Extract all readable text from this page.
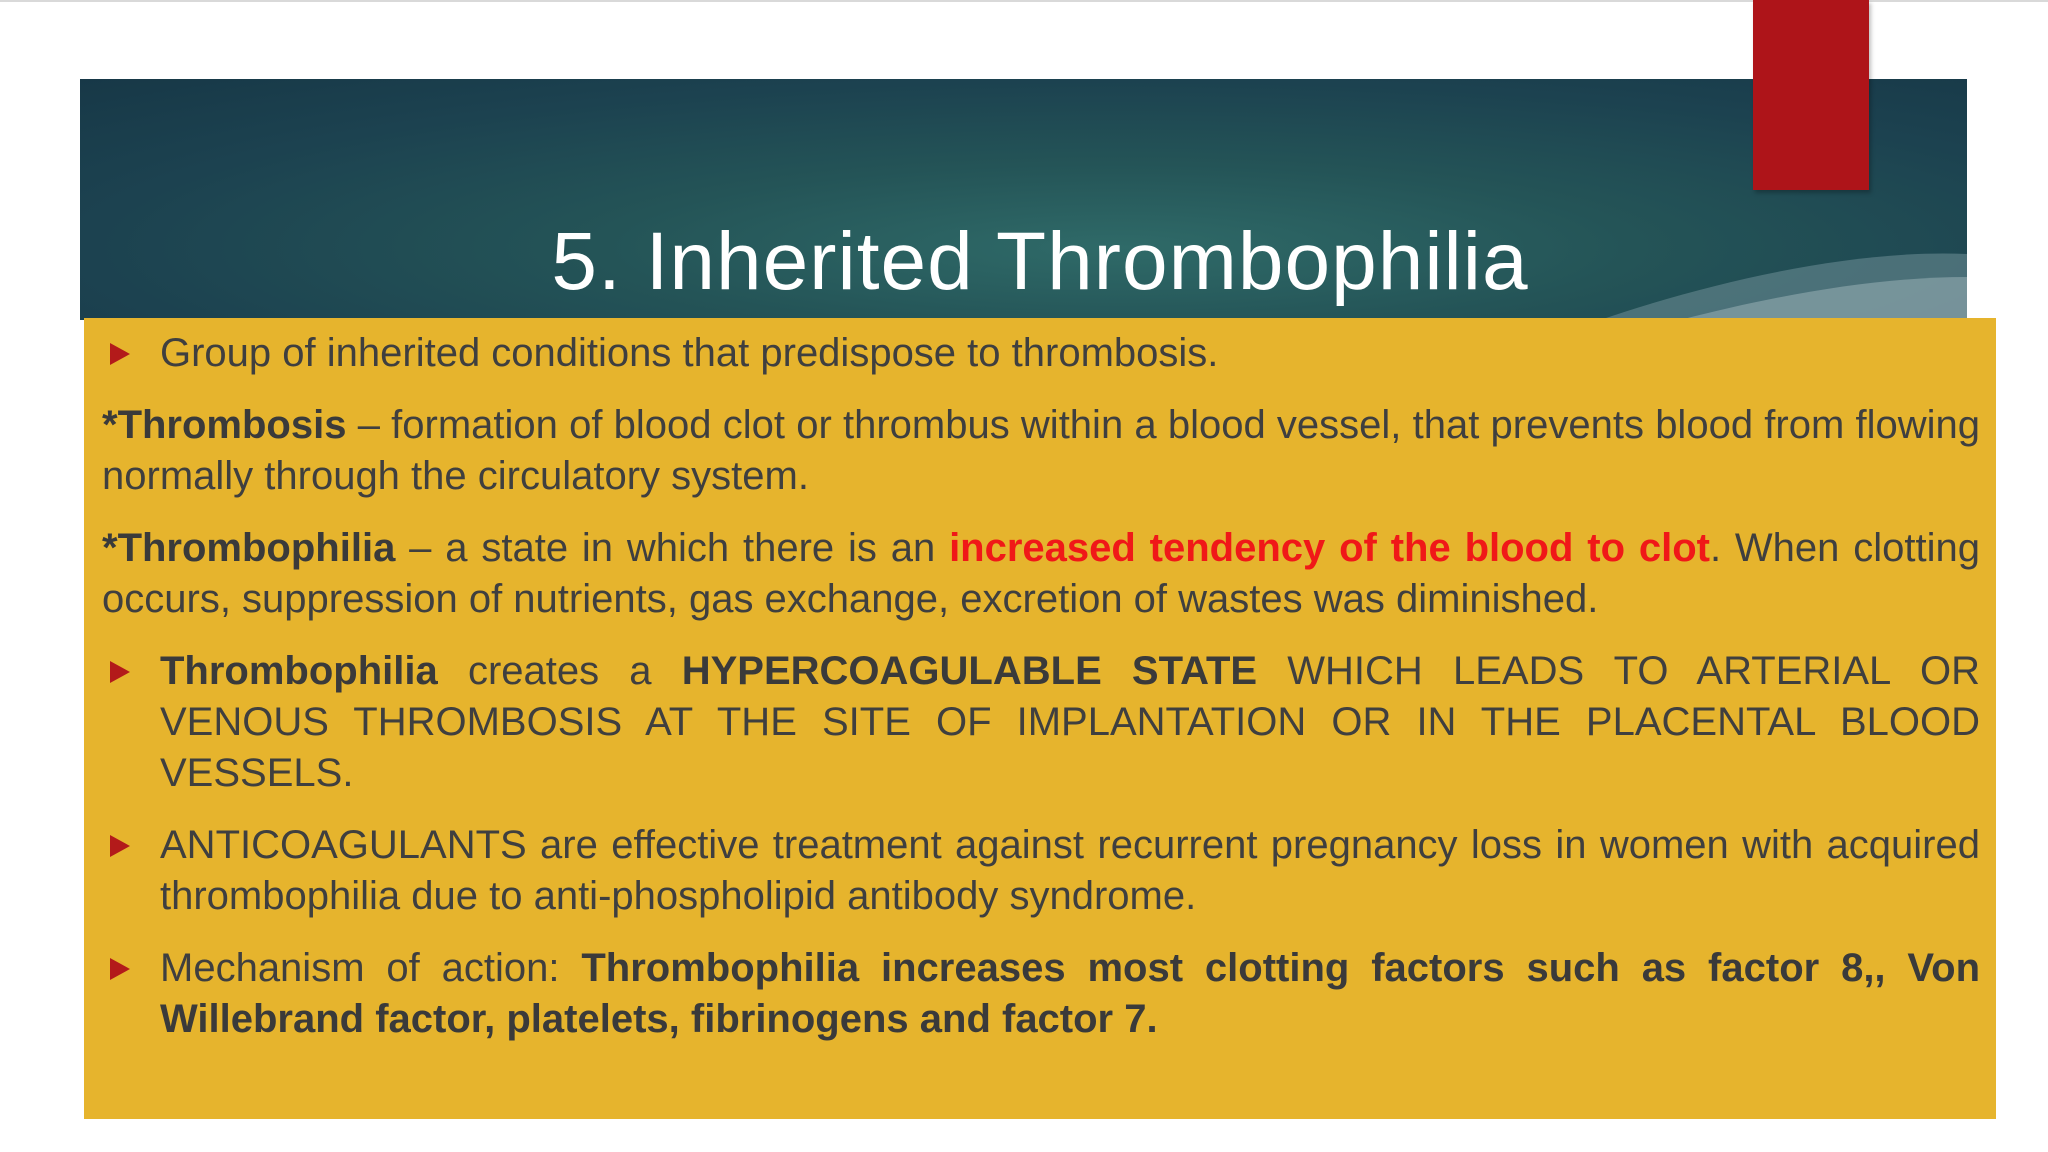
5. Inherited Thrombophilia

Group of inherited conditions that predispose to thrombosis.

*Thrombosis – formation of blood clot or thrombus within a blood vessel, that prevents blood from flowing normally through the circulatory system.

*Thrombophilia – a state in which there is an increased tendency of the blood to clot. When clotting occurs, suppression of nutrients, gas exchange, excretion of wastes was diminished.

Thrombophilia creates a HYPERCOAGULABLE STATE WHICH LEADS TO ARTERIAL OR VENOUS THROMBOSIS AT THE SITE OF IMPLANTATION OR IN THE PLACENTAL BLOOD VESSELS.

ANTICOAGULANTS are effective treatment against recurrent pregnancy loss in women with acquired thrombophilia due to anti-phospholipid antibody syndrome.

Mechanism of action: Thrombophilia increases most clotting factors such as factor 8,, Von Willebrand factor, platelets, fibrinogens and factor 7.
